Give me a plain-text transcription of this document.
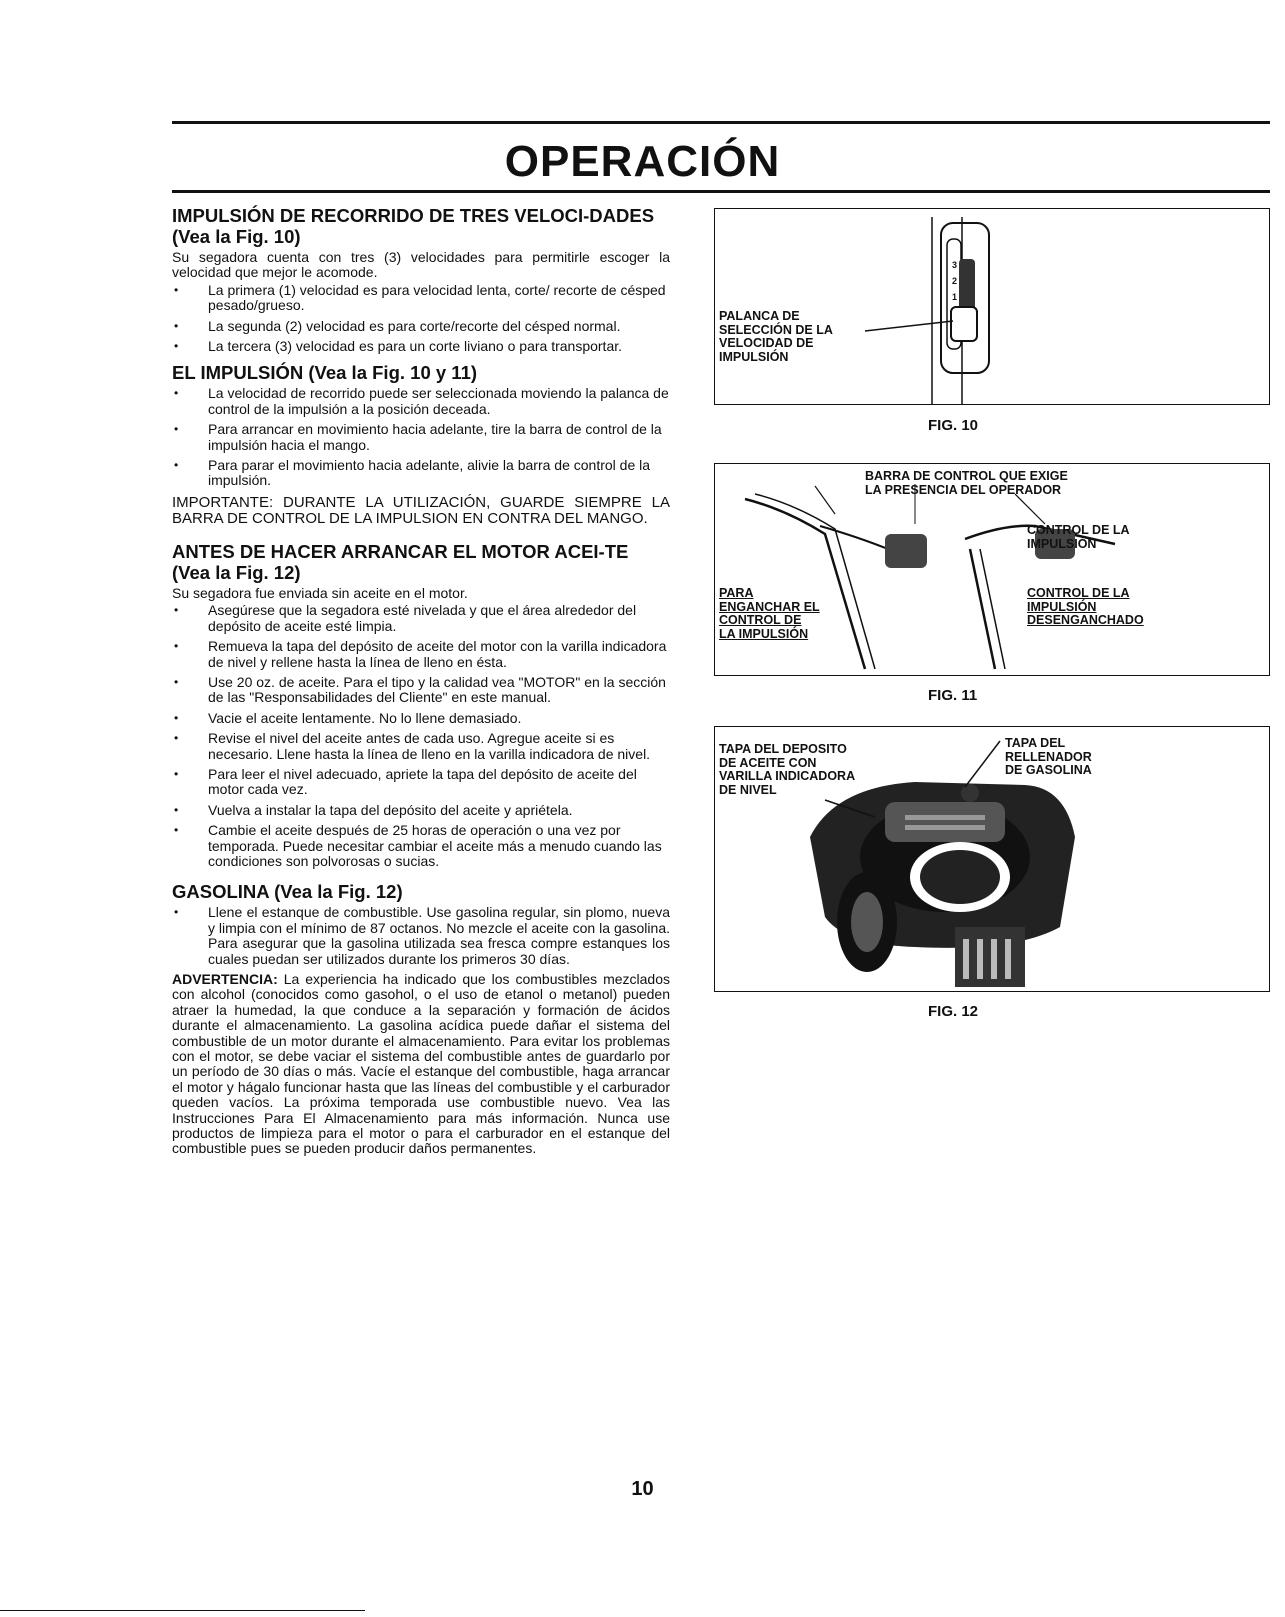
OPERACIÓN
IMPULSIÓN DE RECORRIDO DE TRES VELOCI-DADES (Vea la Fig. 10)

Su segadora cuenta con tres (3) velocidades para permitirle escoger la velocidad que mejor le acomode.

• La primera (1) velocidad es para velocidad lenta, corte/ recorte de césped pesado/grueso.
• La segunda (2) velocidad es para corte/recorte del césped normal.
• La tercera (3) velocidad es para un corte liviano o para transportar.
EL IMPULSIÓN (Vea la Fig. 10 y 11)
• La velocidad de recorrido puede ser seleccionada moviendo la palanca de control de la impulsión a la posición deceada.
• Para arrancar en movimiento hacia adelante, tire la barra de control de la impulsión hacia el mango.
• Para parar el movimiento hacia adelante, alivie la barra de control de la impulsión.

IMPORTANTE: DURANTE LA UTILIZACIÓN, GUARDE SIEMPRE LA BARRA DE CONTROL DE LA IMPULSION EN CONTRA DEL MANGO.

ANTES DE HACER ARRANCAR EL MOTOR ACEI-TE (Vea la Fig. 12)

Su segadora fue enviada sin aceite en el motor.

• Asegúrese que la segadora esté nivelada y que el área alrededor del depósito de aceite esté limpia.
• Remueva la tapa del depósito de aceite del motor con la varilla indicadora de nivel y rellene hasta la línea de lleno en ésta.
• Use 20 oz. de aceite. Para el tipo y la calidad vea "MOTOR" en la sección de las "Responsabilidades del Cliente" en este manual.
• Vacie el aceite lentamente. No lo llene demasiado.
• Revise el nivel del aceite antes de cada uso. Agregue aceite si es necesario. Llene hasta la línea de lleno en la varilla indicadora de nivel.
• Para leer el nivel adecuado, apriete la tapa del depósito de aceite del motor cada vez.
• Vuelva a instalar la tapa del depósito del aceite y apriétela.
• Cambie el aceite después de 25 horas de operación o una vez por temporada. Puede necesitar cambiar el aceite más a menudo cuando las condiciones son polvorosas o sucias.
GASOLINA (Vea la Fig. 12)
• Llene el estanque de combustible. Use gasolina regular, sin plomo, nueva y limpia con el mínimo de 87 octanos. No mezcle el aceite con la gasolina. Para asegurar que la gasolina utilizada sea fresca compre estanques los cuales puedan ser utilizados durante los primeros 30 días.

ADVERTENCIA: La experiencia ha indicado que los combustibles mezclados con alcohol (conocidos como gasohol, o el uso de etanol o metanol) pueden atraer la humedad, la que conduce a la separación y formación de ácidos durante el almacenamiento. La gasolina acídica puede dañar el sistema del combustible de un motor durante el almacenamiento. Para evitar los problemas con el motor, se debe vaciar el sistema del combustible antes de guardarlo por un período de 30 días o más. Vacíe el estanque del combustible, haga arrancar el motor y hágalo funcionar hasta que las líneas del combustible y el carburador queden vacíos. La próxima temporada use combustible nuevo. Vea las Instrucciones Para El Almacenamiento para más información. Nunca use productos de limpieza para el motor o para el carburador en el estanque del combustible pues se pueden producir daños permanentes.

3
2
1
PALANCA DE
SELECCIÓN DE LA
VELOCIDAD DE
IMPULSIÓN
FIG. 10
BARRA DE CONTROL QUE EXIGE
LA PRESENCIA DEL OPERADOR
CONTROL DE LA
IMPULSIÓN
PARA
ENGANCHAR EL
CONTROL DE
LA IMPULSIÓN
CONTROL DE LA
IMPULSIÓN
DESENGANCHADO
FIG. 11
TAPA DEL DEPOSITO
DE ACEITE CON
VARILLA INDICADORA
DE NIVEL
TAPA DEL
RELLENADOR
DE GASOLINA
FIG. 12
10
